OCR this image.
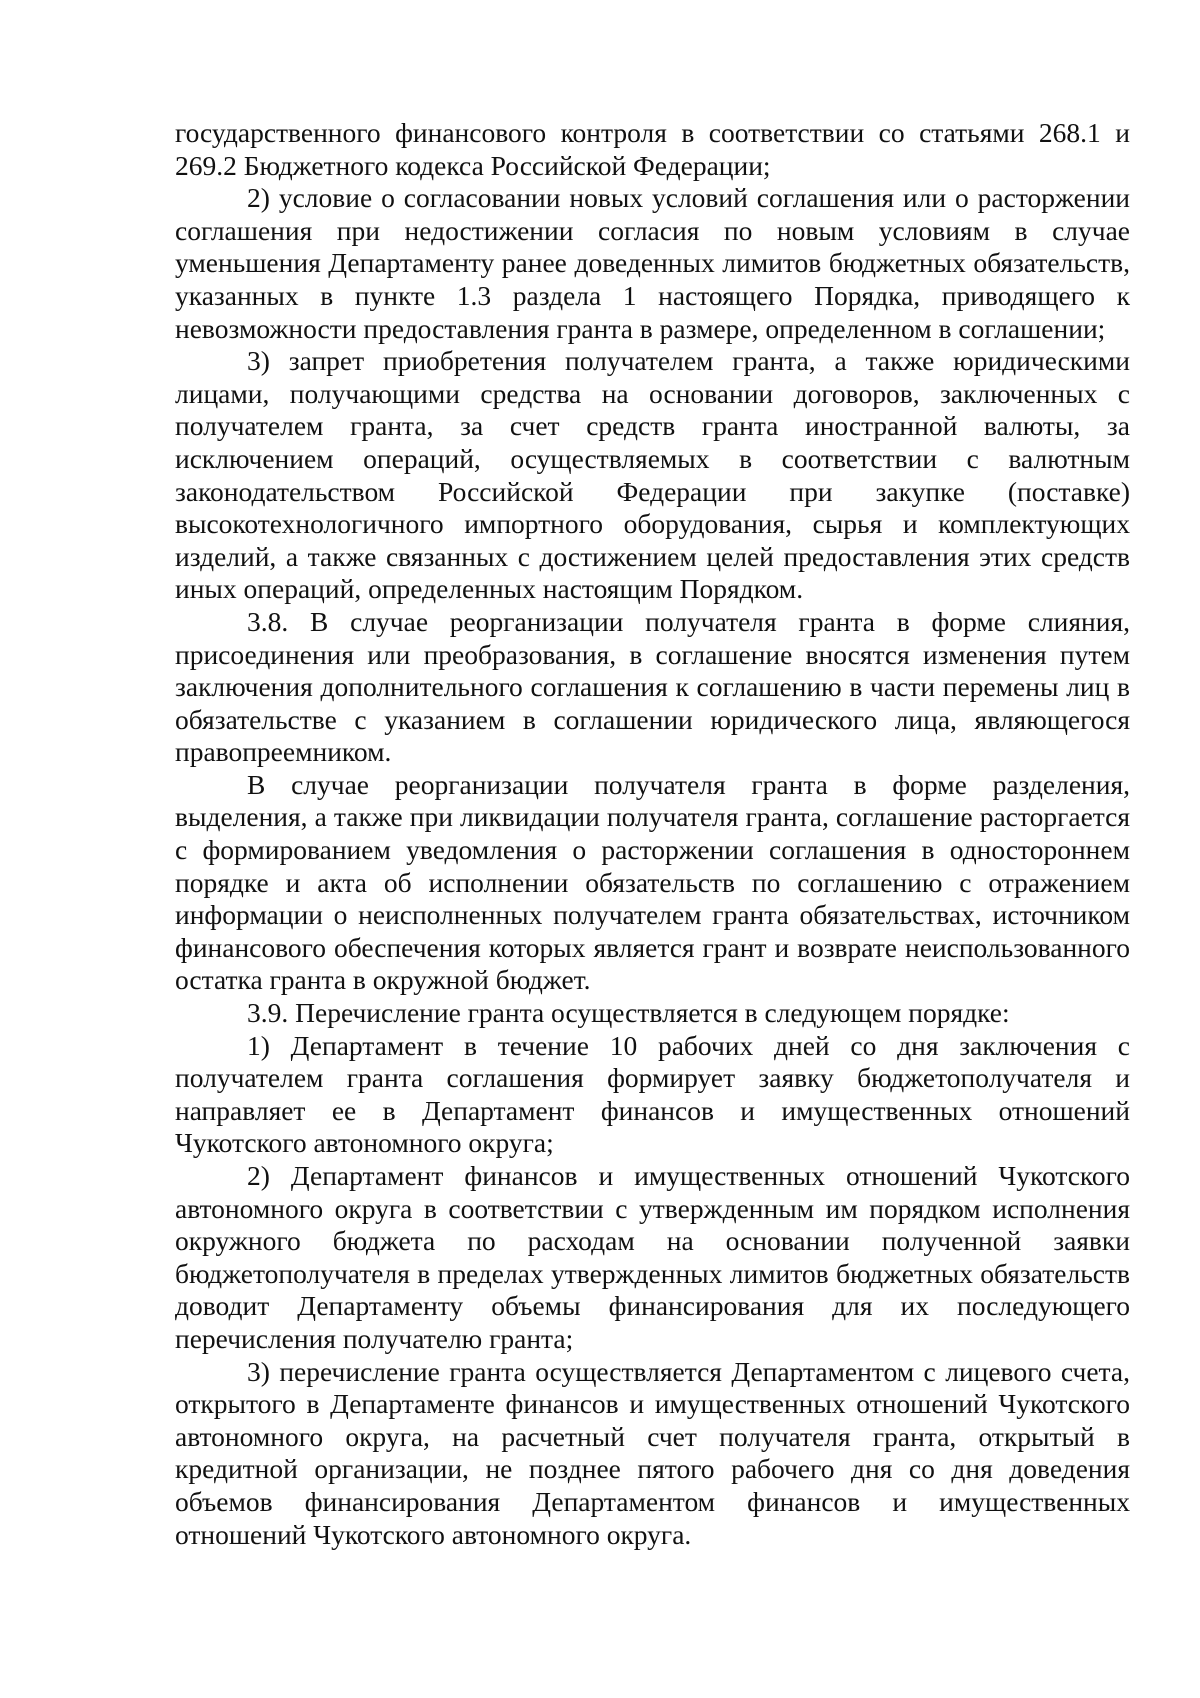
государственного финансового контроля в соответствии со статьями 268.1 и 269.2 Бюджетного кодекса Российской Федерации;

2) условие о согласовании новых условий соглашения или о расторжении соглашения при недостижении согласия по новым условиям в случае уменьшения Департаменту ранее доведенных лимитов бюджетных обязательств, указанных в пункте 1.3 раздела 1 настоящего Порядка, приводящего к невозможности предоставления гранта в размере, определенном в соглашении;

3) запрет приобретения получателем гранта, а также юридическими лицами, получающими средства на основании договоров, заключенных с получателем гранта, за счет средств гранта иностранной валюты, за исключением операций, осуществляемых в соответствии с валютным законодательством Российской Федерации при закупке (поставке) высокотехнологичного импортного оборудования, сырья и комплектующих изделий, а также связанных с достижением целей предоставления этих средств иных операций, определенных настоящим Порядком.

3.8. В случае реорганизации получателя гранта в форме слияния, присоединения или преобразования, в соглашение вносятся изменения путем заключения дополнительного соглашения к соглашению в части перемены лиц в обязательстве с указанием в соглашении юридического лица, являющегося правопреемником.

В случае реорганизации получателя гранта в форме разделения, выделения, а также при ликвидации получателя гранта, соглашение расторгается с формированием уведомления о расторжении соглашения в одностороннем порядке и акта об исполнении обязательств по соглашению с отражением информации о неисполненных получателем гранта обязательствах, источником финансового обеспечения которых является грант и возврате неиспользованного остатка гранта в окружной бюджет.

3.9. Перечисление гранта осуществляется в следующем порядке:

1) Департамент в течение 10 рабочих дней со дня заключения с получателем гранта соглашения формирует заявку бюджетополучателя и направляет ее в Департамент финансов и имущественных отношений Чукотского автономного округа;

2) Департамент финансов и имущественных отношений Чукотского автономного округа в соответствии с утвержденным им порядком исполнения окружного бюджета по расходам на основании полученной заявки бюджетополучателя в пределах утвержденных лимитов бюджетных обязательств доводит Департаменту объемы финансирования для их последующего перечисления получателю гранта;

3) перечисление гранта осуществляется Департаментом с лицевого счета, открытого в Департаменте финансов и имущественных отношений Чукотского автономного округа, на расчетный счет получателя гранта, открытый в кредитной организации, не позднее пятого рабочего дня со дня доведения объемов финансирования Департаментом финансов и имущественных отношений Чукотского автономного округа.
